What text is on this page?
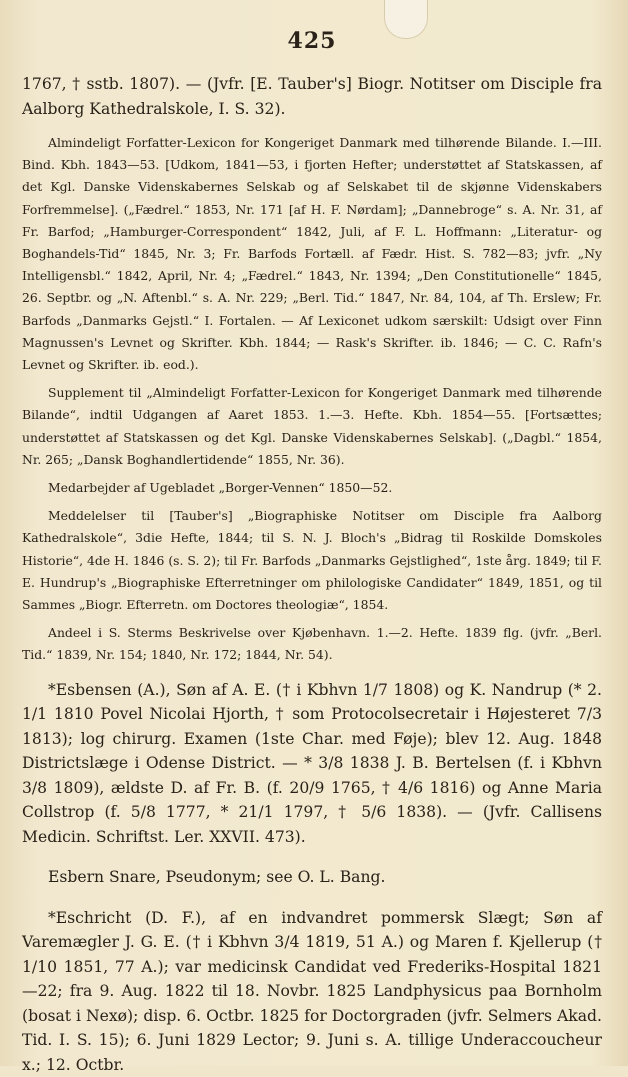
425

1767, † sstb. 1807). — (Jvfr. [E. Tauber's] Biogr. Notitser om Disciple fra Aalborg Kathedralskole, I. S. 32).

Almindeligt Forfatter-Lexicon for Kongeriget Danmark med tilhørende Bilande. I.—III. Bind. Kbh. 1843—53. [Udkom, 1841—53, i fjorten Hefter; understøttet af Statskassen, af det Kgl. Danske Videnskabernes Selskab og af Selskabet til de skjønne Videnskabers Forfremmelse]. („Fædrel.“ 1853, Nr. 171 [af H. F. Nørdam]; „Dannebroge“ s. A. Nr. 31, af Fr. Barfod; „Hamburger-Correspondent“ 1842, Juli, af F. L. Hoffmann: „Literatur- og Boghandels-Tid“ 1845, Nr. 3; Fr. Barfods Fortæll. af Fædr. Hist. S. 782—83; jvfr. „Ny Intelligensbl.“ 1842, April, Nr. 4; „Fædrel.“ 1843, Nr. 1394; „Den Constitutionelle“ 1845, 26. Septbr. og „N. Aftenbl.“ s. A. Nr. 229; „Berl. Tid.“ 1847, Nr. 84, 104, af Th. Erslew; Fr. Barfods „Danmarks Gejstl.“ I. Fortalen. — Af Lexiconet udkom særskilt: Udsigt over Finn Magnussen's Levnet og Skrifter. Kbh. 1844; — Rask's Skrifter. ib. 1846; — C. C. Rafn's Levnet og Skrifter. ib. eod.).

Supplement til „Almindeligt Forfatter-Lexicon for Kongeriget Danmark med tilhørende Bilande“, indtil Udgangen af Aaret 1853. 1.—3. Hefte. Kbh. 1854—55. [Fortsættes; understøttet af Statskassen og det Kgl. Danske Videnskabernes Selskab]. („Dagbl.“ 1854, Nr. 265; „Dansk Boghandlertidende“ 1855, Nr. 36).

Medarbejder af Ugebladet „Borger-Vennen“ 1850—52.

Meddelelser til [Tauber's] „Biographiske Notitser om Disciple fra Aalborg Kathedralskole“, 3die Hefte, 1844; til S. N. J. Bloch's „Bidrag til Roskilde Domskoles Historie“, 4de H. 1846 (s. S. 2); til Fr. Barfods „Danmarks Gejstlighed“, 1ste årg. 1849; til F. E. Hundrup's „Biographiske Efterretninger om philologiske Candidater“ 1849, 1851, og til Sammes „Biogr. Efterretn. om Doctores theologiæ“, 1854.

Andeel i S. Sterms Beskrivelse over Kjøbenhavn. 1.—2. Hefte. 1839 flg. (jvfr. „Berl. Tid.“ 1839, Nr. 154; 1840, Nr. 172; 1844, Nr. 54).

*Esbensen (A.), Søn af A. E. († i Kbhvn 1/7 1808) og K. Nandrup (* 2. 1/1 1810 Povel Nicolai Hjorth, † som Protocolsecretair i Højesteret 7/3 1813); log chirurg. Examen (1ste Char. med Føje); blev 12. Aug. 1848 Districtslæge i Odense District. — * 3/8 1838 J. B. Bertelsen (f. i Kbhvn 3/8 1809), ældste D. af Fr. B. (f. 20/9 1765, † 4/6 1816) og Anne Maria Collstrop (f. 5/8 1777, * 21/1 1797, † 5/6 1838). — (Jvfr. Callisens Medicin. Schriftst. Ler. XXVII. 473).

Esbern Snare, Pseudonym; see O. L. Bang.

*Eschricht (D. F.), af en indvandret pommersk Slægt; Søn af Varemægler J. G. E. († i Kbhvn 3/4 1819, 51 A.) og Maren f. Kjellerup († 1/10 1851, 77 A.); var medicinsk Candidat ved Frederiks-Hospital 1821—22; fra 9. Aug. 1822 til 18. Novbr. 1825 Landphysicus paa Bornholm (bosat i Nexø); disp. 6. Octbr. 1825 for Doctorgraden (jvfr. Selmers Akad. Tid. I. S. 15); 6. Juni 1829 Lector; 9. Juni s. A. tillige Underaccoucheur x.; 12. Octbr.
